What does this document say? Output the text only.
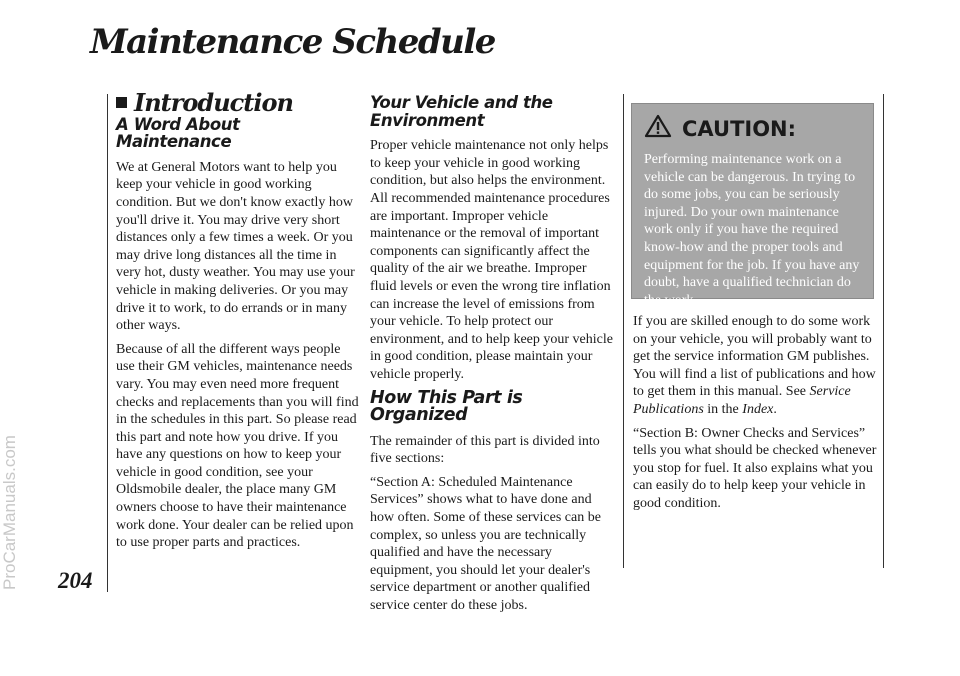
Maintenance Schedule
ProCarManuals.com 204
Introduction
A Word About Maintenance

We at General Motors want to help you keep your vehicle in good working condition. But we don't know exactly how you'll drive it. You may drive very short distances only a few times a week. Or you may drive long distances all the time in very hot, dusty weather. You may use your vehicle in making deliveries. Or you may drive it to work, to do errands or in many other ways.

Because of all the different ways people use their GM vehicles, maintenance needs vary. You may even need more frequent checks and replacements than you will find in the schedules in this part. So please read this part and note how you drive. If you have any questions on how to keep your vehicle in good condition, see your Oldsmobile dealer, the place many GM owners choose to have their maintenance work done. Your dealer can be relied upon to use proper parts and practices.

Your Vehicle and the Environment

Proper vehicle maintenance not only helps to keep your vehicle in good working condition, but also helps the environment. All recommended maintenance procedures are important. Improper vehicle maintenance or the removal of important components can significantly affect the quality of the air we breathe. Improper fluid levels or even the wrong tire inflation can increase the level of emissions from your vehicle. To help protect our environment, and to help keep your vehicle in good condition, please maintain your vehicle properly.

How This Part is Organized

The remainder of this part is divided into five sections:

“Section A: Scheduled Maintenance Services” shows what to have done and how often. Some of these services can be complex, so unless you are technically qualified and have the necessary equipment, you should let your dealer's service department or another qualified service center do these jobs.

CAUTION:

Performing maintenance work on a vehicle can be dangerous. In trying to do some jobs, you can be seriously injured. Do your own maintenance work only if you have the required know-how and the proper tools and equipment for the job. If you have any doubt, have a qualified technician do the work.

If you are skilled enough to do some work on your vehicle, you will probably want to get the service information GM publishes. You will find a list of publications and how to get them in this manual. See Service Publications in the Index.

“Section B: Owner Checks and Services” tells you what should be checked whenever you stop for fuel. It also explains what you can easily do to help keep your vehicle in good condition.
